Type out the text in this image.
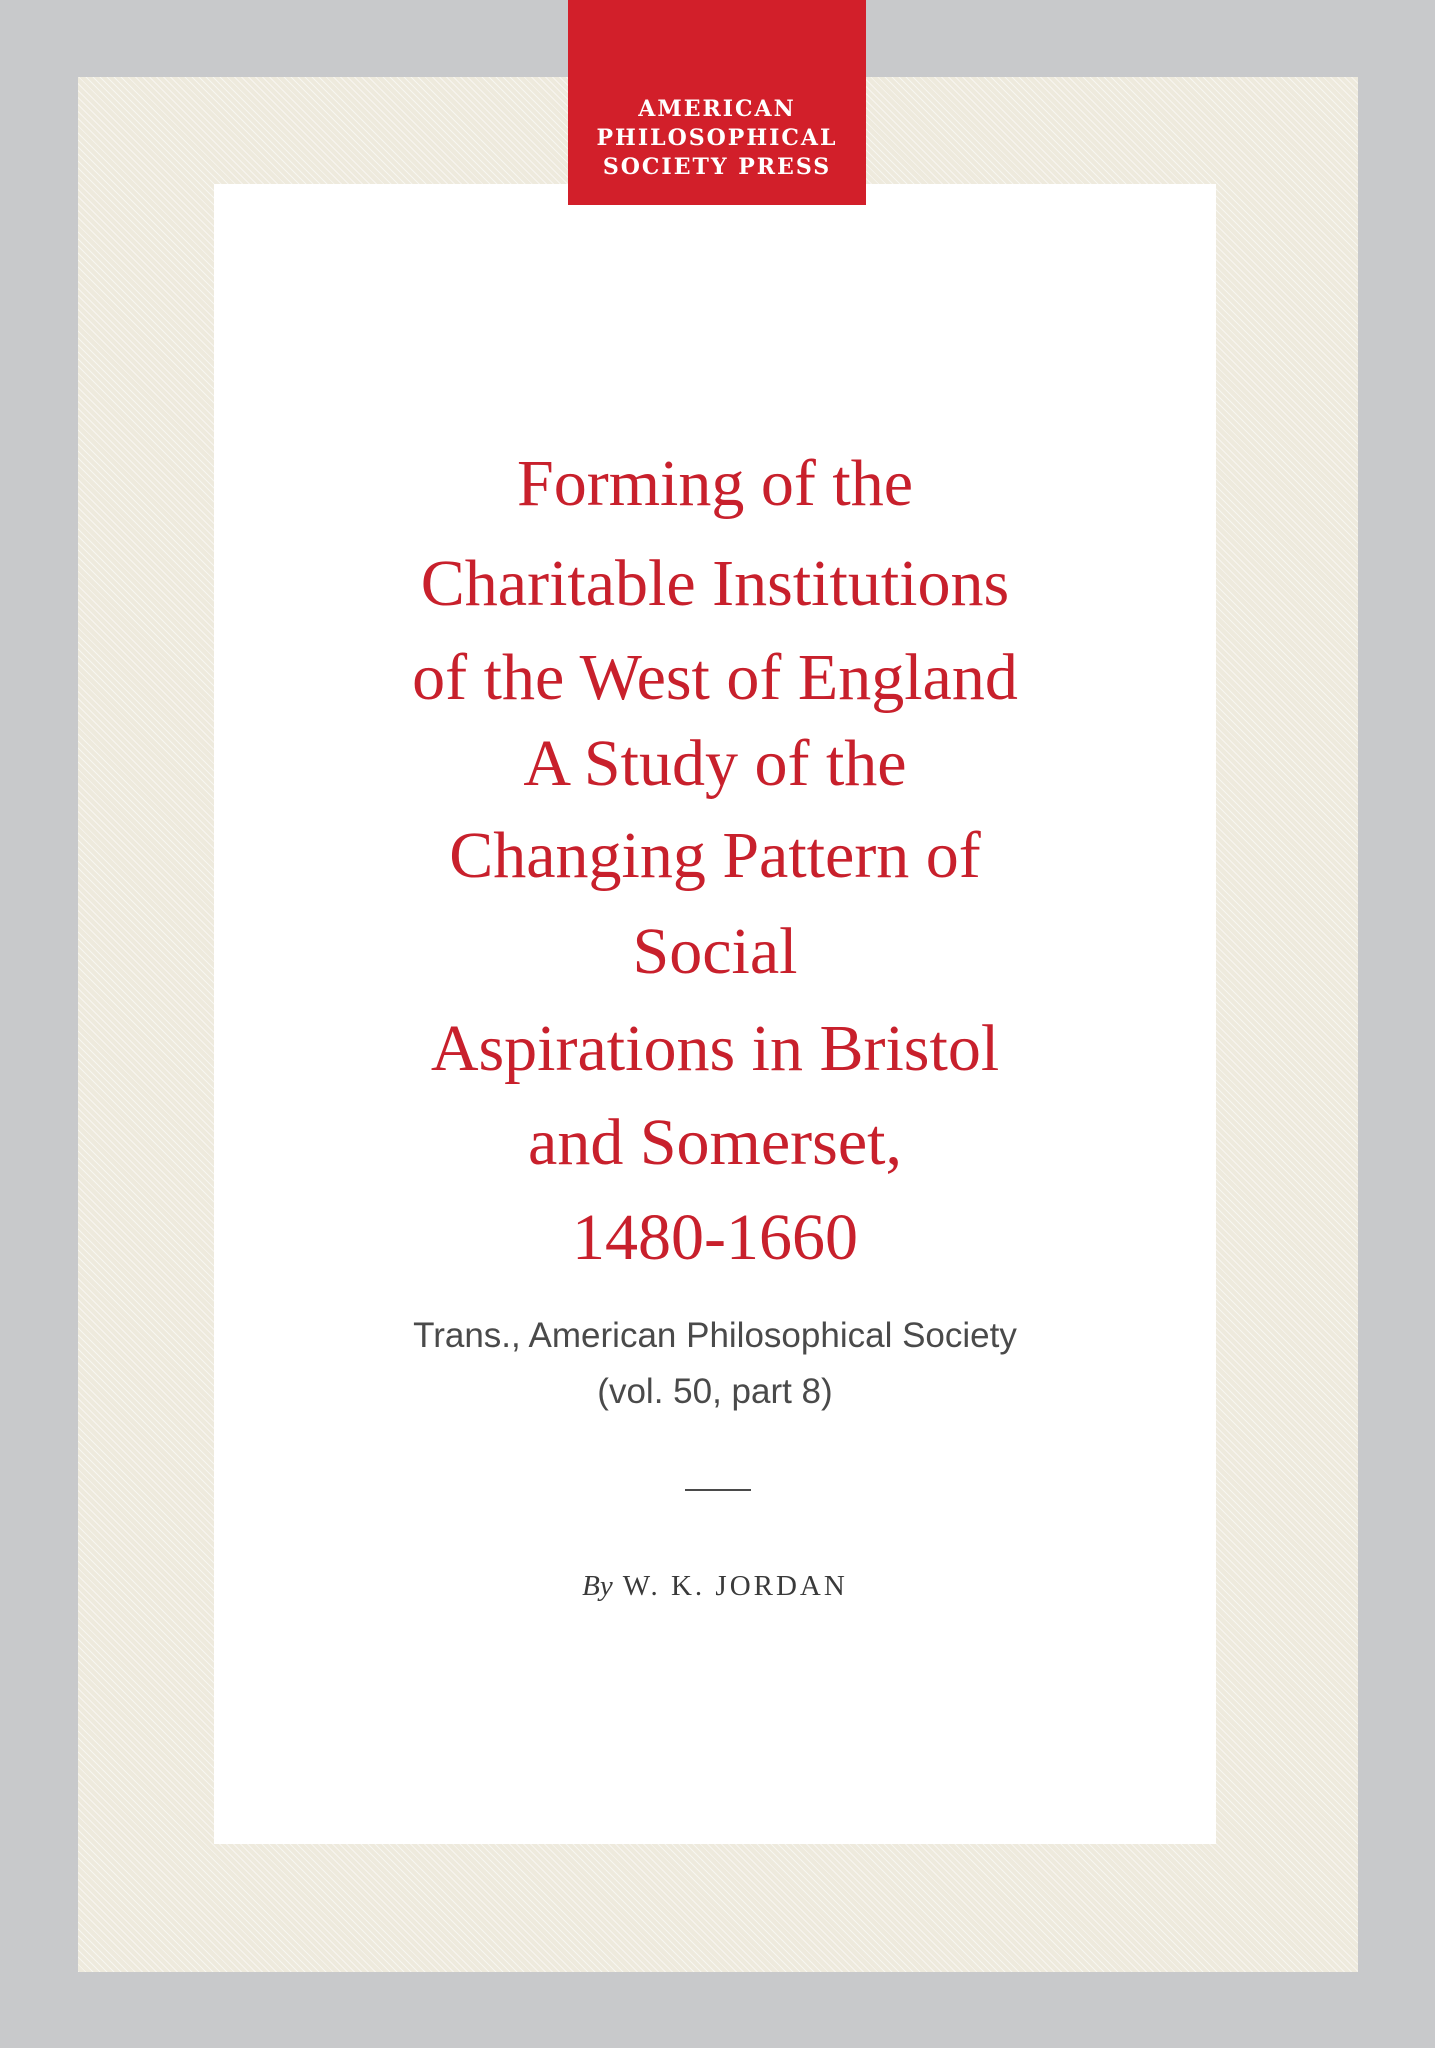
AMERICAN
PHILOSOPHICAL
SOCIETY PRESS
Forming of the
Charitable Institutions
of the West of England
A Study of the
Changing Pattern of
Social
Aspirations in Bristol
and Somerset,
1480-1660
Trans., American Philosophical Society
(vol. 50, part 8)
By W. K. JORDAN
